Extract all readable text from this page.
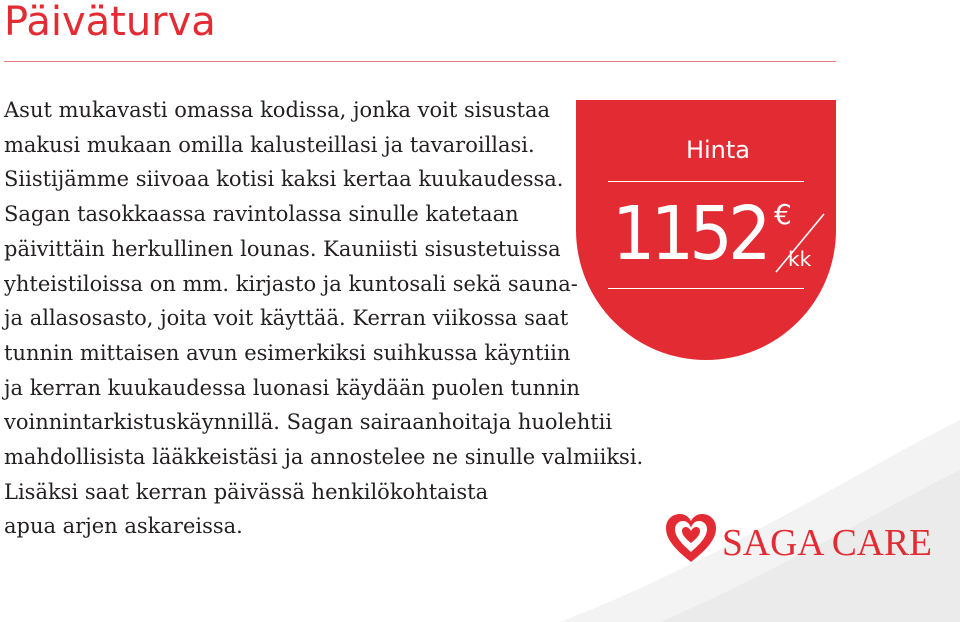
Päiväturva
Asut mukavasti omassa kodissa, jonka voit sisustaa
makusi mukaan omilla kalusteillasi ja tavaroillasi.
Siistijämme siivoaa kotisi kaksi kertaa kuukaudessa.
Sagan tasokkaassa ravintolassa sinulle katetaan
päivittäin herkullinen lounas. Kauniisti sisustetuissa
yhteistiloissa on mm. kirjasto ja kuntosali sekä sauna-
ja allasosasto, joita voit käyttää. Kerran viikossa saat
tunnin mittaisen avun esimerkiksi suihkussa käyntiin
ja kerran kuukaudessa luonasi käydään puolen tunnin
voinnintarkistuskäynnillä. Sagan sairaanhoitaja huolehtii
mahdollisista lääkkeistäsi ja annostelee ne sinulle valmiiksi.
Lisäksi saat kerran päivässä henkilökohtaista
apua arjen askareissa.
Hinta
1152 €
kk
SAGA CARE
